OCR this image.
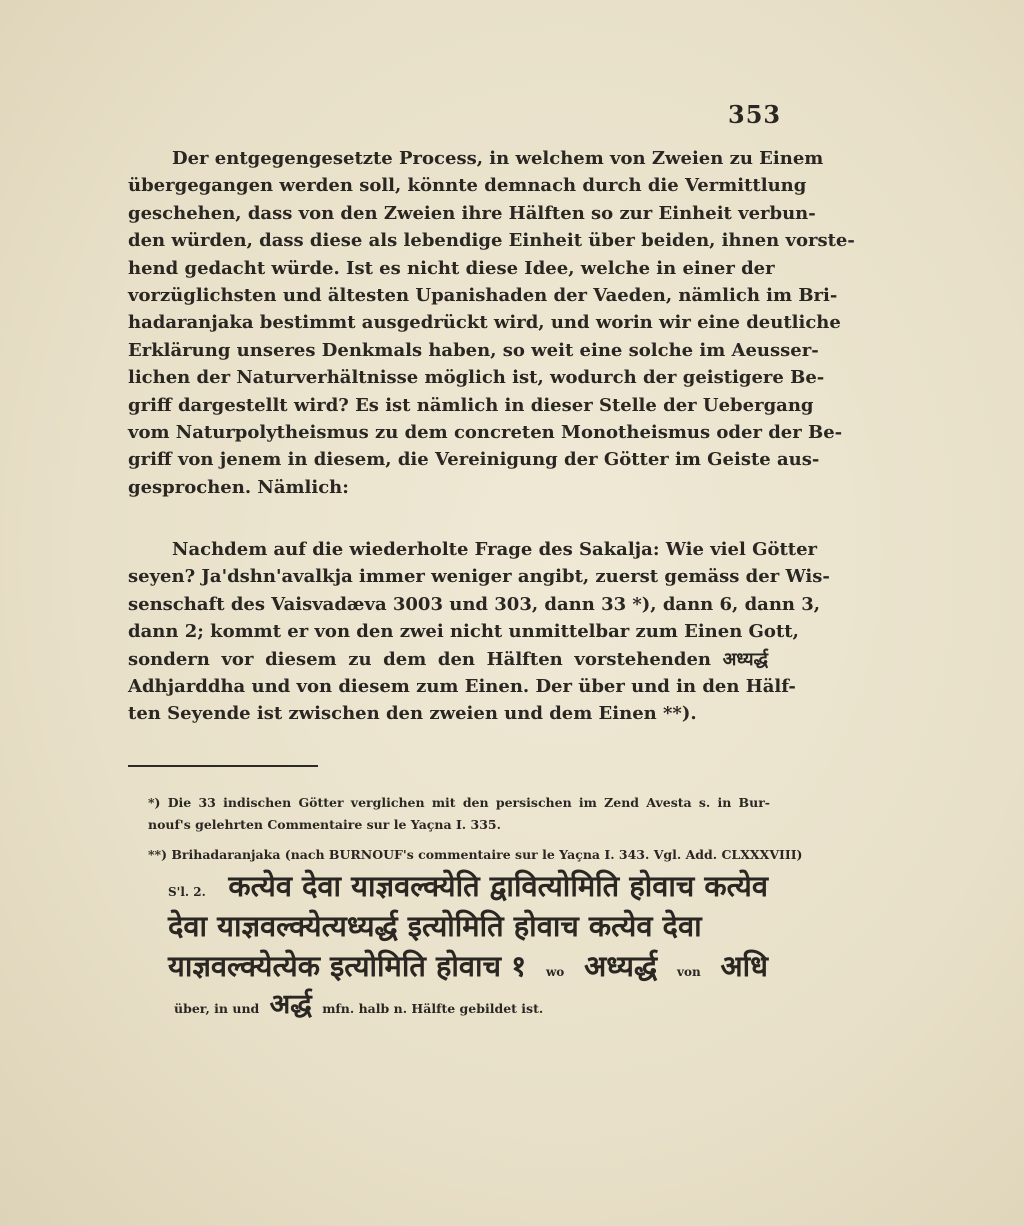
353
Der entgegengesetzte Process, in welchem von Zweien zu Einem
übergegangen werden soll, könnte demnach durch die Vermittlung
geschehen, dass von den Zweien ihre Hälften so zur Einheit verbun-
den würden, dass diese als lebendige Einheit über beiden, ihnen vorste-
hend gedacht würde. Ist es nicht diese Idee, welche in einer der
vorzüglichsten und ältesten Upanishaden der Vaeden, nämlich im Bri-
hadaranjaka bestimmt ausgedrückt wird, und worin wir eine deutliche
Erklärung unseres Denkmals haben, so weit eine solche im Aeusser-
lichen der Naturverhältnisse möglich ist, wodurch der geistigere Be-
griff dargestellt wird? Es ist nämlich in dieser Stelle der Uebergang
vom Naturpolytheismus zu dem concreten Monotheismus oder der Be-
griff von jenem in diesem, die Vereinigung der Götter im Geiste aus-
gesprochen. Nämlich:
Nachdem auf die wiederholte Frage des Sakalja: Wie viel Götter
seyen? Ja'dshn'avalkja immer weniger angibt, zuerst gemäss der Wis-
senschaft des Vaisvadæva 3003 und 303, dann 33 *), dann 6, dann 3,
dann 2; kommt er von den zwei nicht unmittelbar zum Einen Gott,
sondern vor diesem zu dem den Hälften vorstehenden अध्यर्द्ध
Adhjarddha und von diesem zum Einen. Der über und in den Hälf-
ten Seyende ist zwischen den zweien und dem Einen **).
*) Die 33 indischen Götter verglichen mit den persischen im Zend Avesta s. in Bur-
nouf's gelehrten Commentaire sur le Yaçna I. 335.
**) Brihadaranjaka (nach BURNOUF's commentaire sur le Yaçna I. 343. Vgl. Add. CLXXXVIII)
S'l. 2. कत्येव देवा याज्ञवल्क्येति द्वावित्योमिति होवाच कत्येव
देवा याज्ञवल्क्येत्यध्यर्द्ध इत्योमिति होवाच कत्येव देवा
याज्ञवल्क्येत्येक इत्योमिति होवाच १ wo अध्यर्द्ध von अधि
über, in und अर्द्ध mfn. halb n. Hälfte gebildet ist.
